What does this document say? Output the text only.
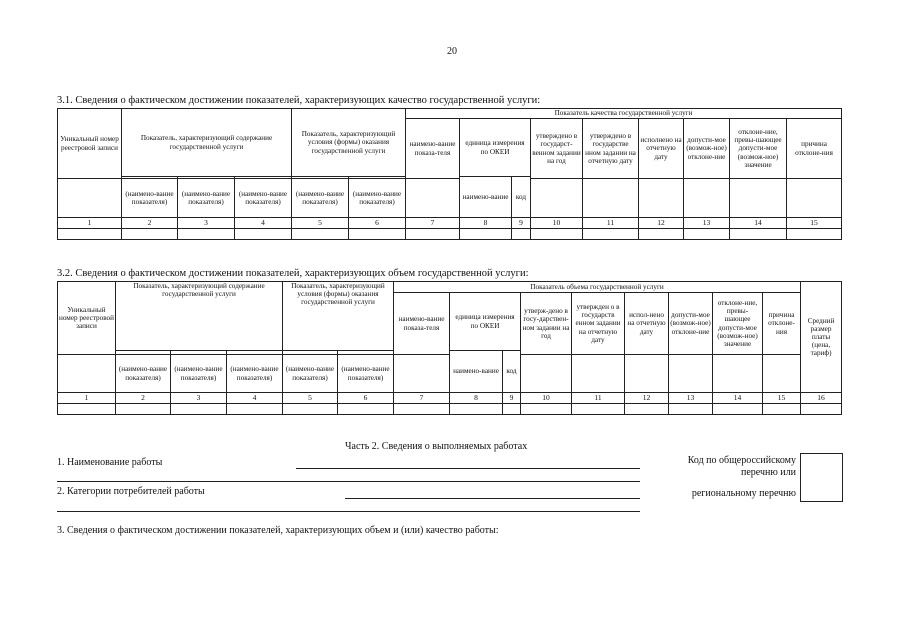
20
3.1. Сведения о фактическом достижении показателей, характеризующих качество государственной услуги:
Уникальный номер реестровой записи	Показатель, характеризующий содержание государственной услуги			Показатель, характеризующий условия (формы) оказания государственной услуги		Показатель качества государственной услуги								
						наимено-вание показа-теля	единица измерения по ОКЕИ		утверждено в государст-венном задании на год	утверждено в государстве нном задании на отчетную дату	исполнено на отчетную дату	допусти-мое (возмож-ное) отклоне-ние	отклоне-ние, превы-шающее допусти-мое (возмож-ное) значение	причина отклоне-ния
							наимено-вание	код						
	(наимено-вание показателя)	(наимено-вание показателя)	(наимено-вание показателя)	(наимено-вание показателя)	(наимено-вание показателя)									
1	2	3	4	5	6	7	8	9	10	11	12	13	14	15

3.2. Сведения о фактическом достижении показателей, характеризующих объем государственной услуги:
Уникальный номер реестровой записи	Показатель, характеризующий содержание государственной услуги			Показатель, характеризующий условия (формы) оказания государственной услуги		Показатель объема государственной услуги									Средний размер платы (цена, тариф)
						наимено-вание показа-теля	единица измерения по ОКЕИ		утверж-дено в госу-дарствен-ном задании на год	утвержден о в государств енном задании на отчетную дату	испол-нено на отчетную дату	допусти-мое (возмож-ное) отклоне-ние	отклоне-ние, превы-шающее допусти-мое (возмож-ное) значение	причина отклоне-ния	
							наимено-вание	код							
	(наимено-вание показателя)	(наимено-вание показателя)	(наимено-вание показателя)	(наимено-вание показателя)	(наимено-вание показателя)										
1	2	3	4	5	6	7	8	9	10	11	12	13	14	15	16

Часть 2. Сведения о выполняемых работах
1. Наименование работы
2. Категории потребителей работы
Код по общероссийскому
перечню или
региональному перечню
3. Сведения о фактическом достижении показателей, характеризующих объем и (или) качество работы:
